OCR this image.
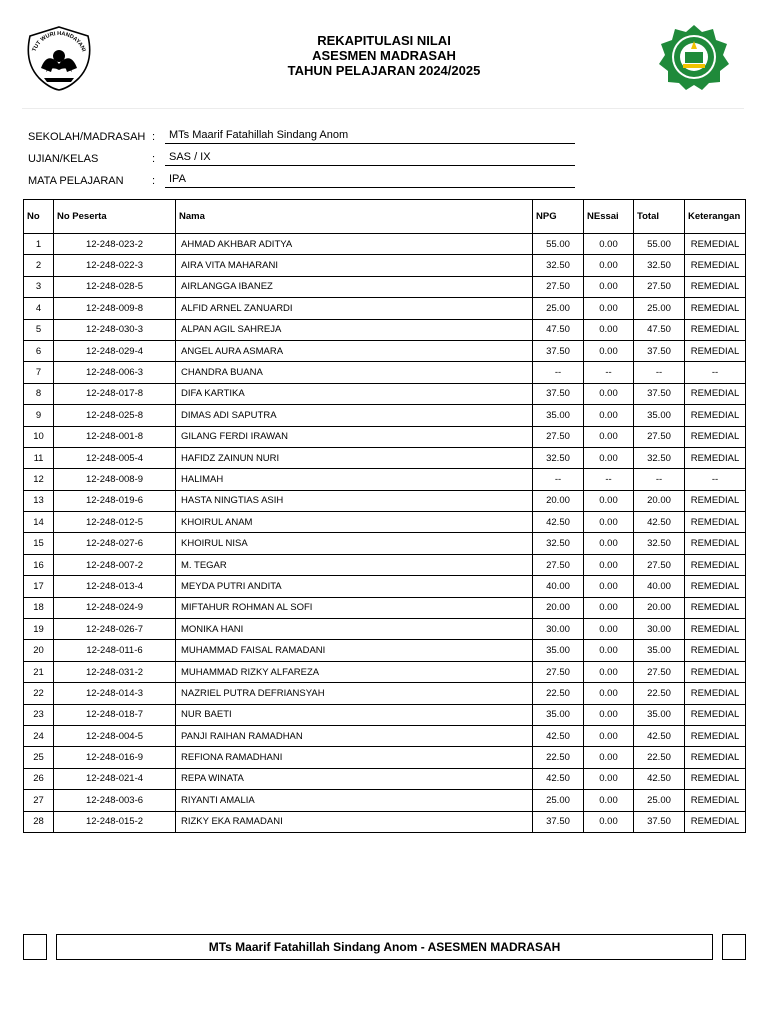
TUT WURI HANDAYANI
REKAPITULASI NILAI
ASESMEN MADRASAH
TAHUN PELAJARAN 2024/2025
SEKOLAH/MADRASAH :	MTs Maarif Fatahillah Sindang Anom
UJIAN/KELAS	:	SAS / IX
MATA PELAJARAN	:	IPA
No	No Peserta	Nama	NPG	NEssai	Total	Keterangan
1	12-248-023-2	AHMAD AKHBAR ADITYA	55.00	0.00	55.00	REMEDIAL
2	12-248-022-3	AIRA VITA MAHARANI	32.50	0.00	32.50	REMEDIAL
3	12-248-028-5	AIRLANGGA IBANEZ	27.50	0.00	27.50	REMEDIAL
4	12-248-009-8	ALFID ARNEL ZANUARDI	25.00	0.00	25.00	REMEDIAL
5	12-248-030-3	ALPAN AGIL SAHREJA	47.50	0.00	47.50	REMEDIAL
6	12-248-029-4	ANGEL AURA ASMARA	37.50	0.00	37.50	REMEDIAL
7	12-248-006-3	CHANDRA BUANA	--	--	--	--
8	12-248-017-8	DIFA KARTIKA	37.50	0.00	37.50	REMEDIAL
9	12-248-025-8	DIMAS ADI SAPUTRA	35.00	0.00	35.00	REMEDIAL
10	12-248-001-8	GILANG FERDI IRAWAN	27.50	0.00	27.50	REMEDIAL
11	12-248-005-4	HAFIDZ ZAINUN NURI	32.50	0.00	32.50	REMEDIAL
12	12-248-008-9	HALIMAH	--	--	--	--
13	12-248-019-6	HASTA NINGTIAS ASIH	20.00	0.00	20.00	REMEDIAL
14	12-248-012-5	KHOIRUL ANAM	42.50	0.00	42.50	REMEDIAL
15	12-248-027-6	KHOIRUL NISA	32.50	0.00	32.50	REMEDIAL
16	12-248-007-2	M. TEGAR	27.50	0.00	27.50	REMEDIAL
17	12-248-013-4	MEYDA PUTRI ANDITA	40.00	0.00	40.00	REMEDIAL
18	12-248-024-9	MIFTAHUR ROHMAN AL SOFI	20.00	0.00	20.00	REMEDIAL
19	12-248-026-7	MONIKA HANI	30.00	0.00	30.00	REMEDIAL
20	12-248-011-6	MUHAMMAD FAISAL RAMADANI	35.00	0.00	35.00	REMEDIAL
21	12-248-031-2	MUHAMMAD RIZKY ALFAREZA	27.50	0.00	27.50	REMEDIAL
22	12-248-014-3	NAZRIEL PUTRA DEFRIANSYAH	22.50	0.00	22.50	REMEDIAL
23	12-248-018-7	NUR BAETI	35.00	0.00	35.00	REMEDIAL
24	12-248-004-5	PANJI RAIHAN RAMADHAN	42.50	0.00	42.50	REMEDIAL
25	12-248-016-9	REFIONA RAMADHANI	22.50	0.00	22.50	REMEDIAL
26	12-248-021-4	REPA WINATA	42.50	0.00	42.50	REMEDIAL
27	12-248-003-6	RIYANTI AMALIA	25.00	0.00	25.00	REMEDIAL
28	12-248-015-2	RIZKY EKA RAMADANI	37.50	0.00	37.50	REMEDIAL
MTs Maarif Fatahillah Sindang Anom - ASESMEN MADRASAH
